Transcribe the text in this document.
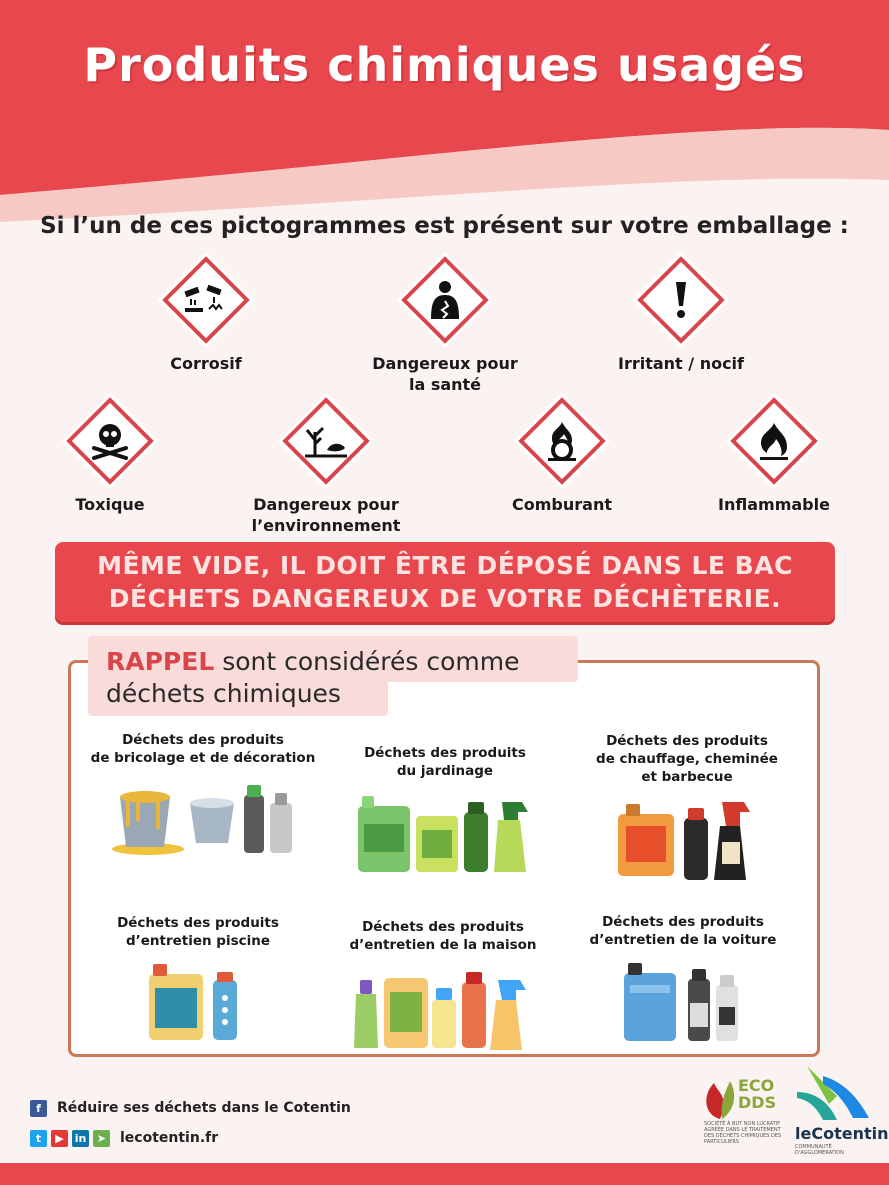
Produits chimiques usagés
Si l’un de ces pictogrammes est présent sur votre emballage :
Corrosif	Dangereux pour
la santé
Irritant / nocif
Toxique	Dangereux pour
l’environnement
Comburant	Inflammable
MÊME VIDE, IL DOIT ÊTRE DÉPOSÉ DANS LE BAC
DÉCHETS DANGEREUX DE VOTRE DÉCHÈTERIE.
RAPPEL sont considérés comme
déchets chimiques
Déchets des produits
de bricolage et de décoration	Déchets des produits
du jardinage
Déchets des produits
de chauffage, cheminée
et barbecue
Déchets des produits
d’entretien piscine
Déchets des produits
d’entretien de la maison
Déchets des produits
d’entretien de la voiture
f	Réduire ses déchets dans le Cotentin
t	▶ in ➤ lecotentin.fr
ECO
DDS
SOCIÉTÉ À BUT NON LUCRATIF AGRÉÉE DANS LE TRAITEMENT DES DÉCHETS CHIMIQUES DES PARTICULIERS	leCotentin
COMMUNAUTÉ D'AGGLOMÉRATION
